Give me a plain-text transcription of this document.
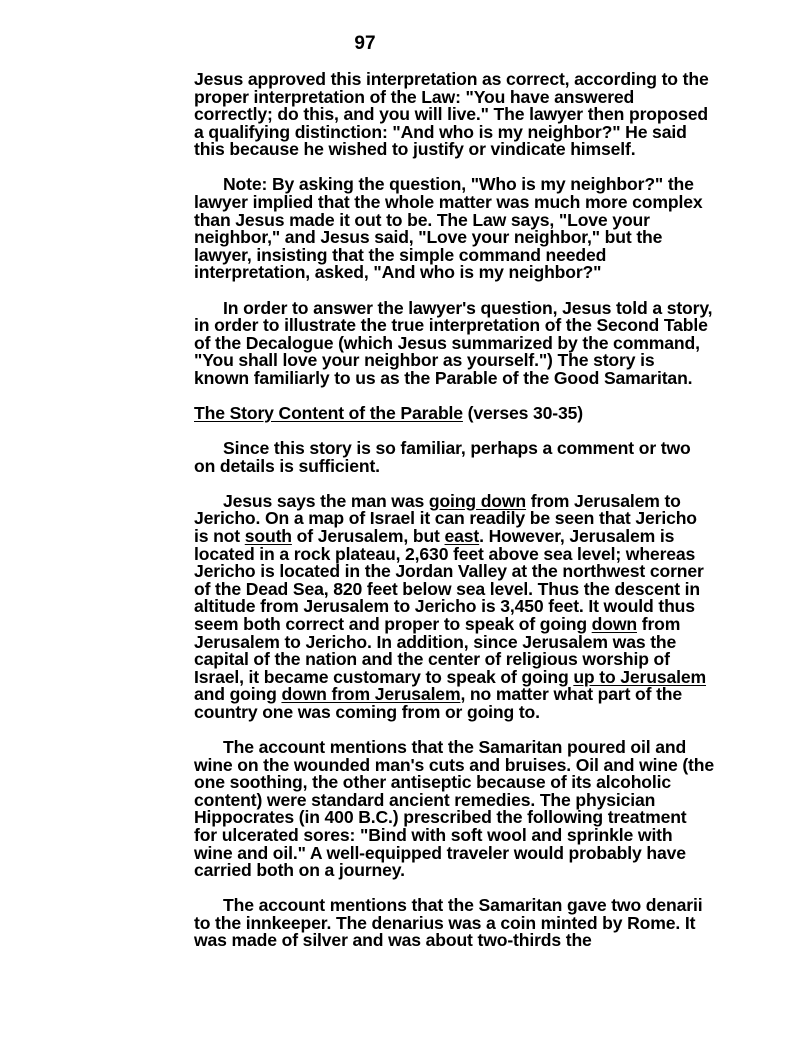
97

Jesus approved this interpretation as correct, according to the proper interpretation of the Law: "You have answered correctly; do this, and you will live." The lawyer then proposed a qualifying distinction: "And who is my neighbor?" He said this because he wished to justify or vindicate himself.

Note: By asking the question, "Who is my neighbor?" the lawyer implied that the whole matter was much more complex than Jesus made it out to be. The Law says, "Love your neighbor," and Jesus said, "Love your neighbor," but the lawyer, insisting that the simple command needed interpretation, asked, "And who is my neighbor?"

In order to answer the lawyer's question, Jesus told a story, in order to illustrate the true interpretation of the Second Table of the Decalogue (which Jesus summarized by the command, "You shall love your neighbor as yourself.") The story is known familiarly to us as the Parable of the Good Samaritan.

The Story Content of the Parable (verses 30-35)

Since this story is so familiar, perhaps a comment or two on details is sufficient.

Jesus says the man was going down from Jerusalem to Jericho. On a map of Israel it can readily be seen that Jericho is not south of Jerusalem, but east. However, Jerusalem is located in a rock plateau, 2,630 feet above sea level; whereas Jericho is located in the Jordan Valley at the northwest corner of the Dead Sea, 820 feet below sea level. Thus the descent in altitude from Jerusalem to Jericho is 3,450 feet. It would thus seem both correct and proper to speak of going down from Jerusalem to Jericho. In addition, since Jerusalem was the capital of the nation and the center of religious worship of Israel, it became customary to speak of going up to Jerusalem and going down from Jerusalem, no matter what part of the country one was coming from or going to.

The account mentions that the Samaritan poured oil and wine on the wounded man's cuts and bruises. Oil and wine (the one soothing, the other antiseptic because of its alcoholic content) were standard ancient remedies. The physician Hippocrates (in 400 B.C.) prescribed the following treatment for ulcerated sores: "Bind with soft wool and sprinkle with wine and oil." A well-equipped traveler would probably have carried both on a journey.

The account mentions that the Samaritan gave two denarii to the innkeeper. The denarius was a coin minted by Rome. It was made of silver and was about two-thirds the
